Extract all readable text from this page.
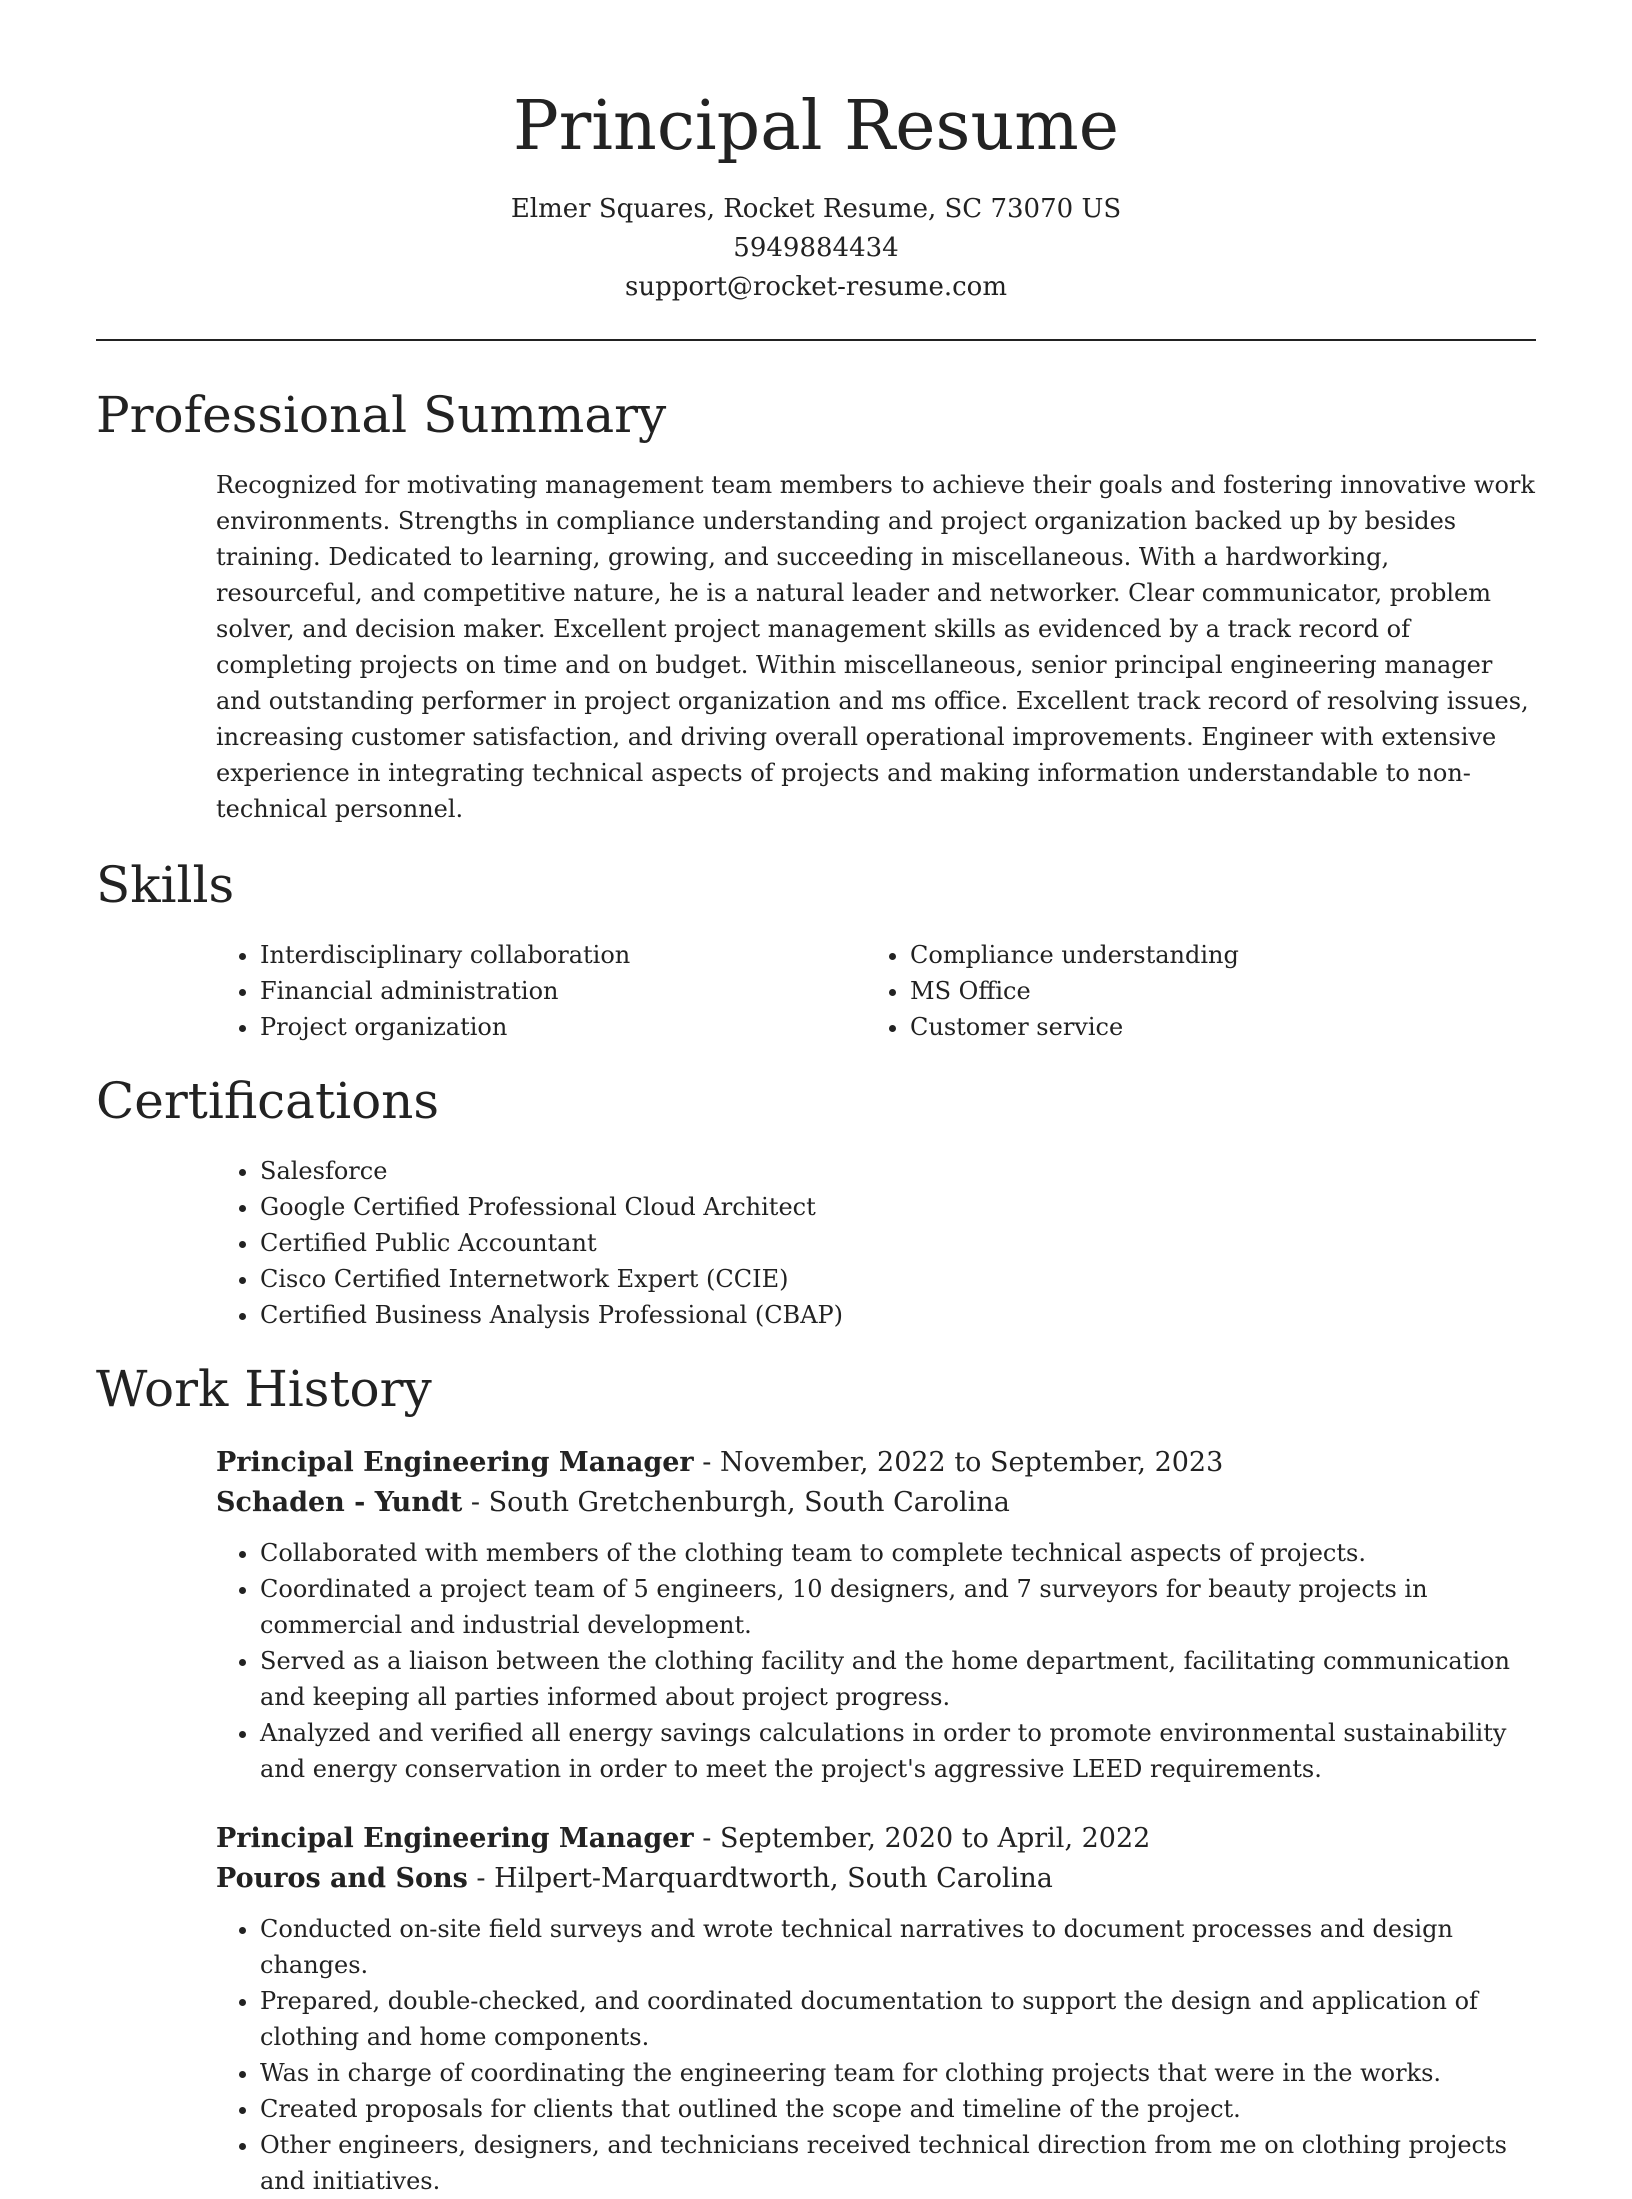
Principal Resume
Elmer Squares, Rocket Resume, SC 73070 US
5949884434
support@rocket-resume.com
Professional Summary

Recognized for motivating management team members to achieve their goals and fostering innovative work environments. Strengths in compliance understanding and project organization backed up by besides training. Dedicated to learning, growing, and succeeding in miscellaneous. With a hardworking, resourceful, and competitive nature, he is a natural leader and networker. Clear communicator, problem solver, and decision maker. Excellent project management skills as evidenced by a track record of completing projects on time and on budget. Within miscellaneous, senior principal engineering manager and outstanding performer in project organization and ms office. Excellent track record of resolving issues, increasing customer satisfaction, and driving overall operational improvements. Engineer with extensive experience in integrating technical aspects of projects and making information understandable to non-technical personnel.

Skills
• Interdisciplinary collaboration
• Financial administration
• Project organization
• Compliance understanding
• MS Office
• Customer service
Certifications
• Salesforce
• Google Certified Professional Cloud Architect
• Certified Public Accountant
• Cisco Certified Internetwork Expert (CCIE)
• Certified Business Analysis Professional (CBAP)
Work History
Principal Engineering Manager - November, 2022 to September, 2023
Schaden - Yundt - South Gretchenburgh, South Carolina
• Collaborated with members of the clothing team to complete technical aspects of projects.
• Coordinated a project team of 5 engineers, 10 designers, and 7 surveyors for beauty projects in commercial and industrial development.
• Served as a liaison between the clothing facility and the home department, facilitating communication and keeping all parties informed about project progress.
• Analyzed and verified all energy savings calculations in order to promote environmental sustainability and energy conservation in order to meet the project's aggressive LEED requirements.
Principal Engineering Manager - September, 2020 to April, 2022
Pouros and Sons - Hilpert-Marquardtworth, South Carolina
• Conducted on-site field surveys and wrote technical narratives to document processes and design changes.
• Prepared, double-checked, and coordinated documentation to support the design and application of clothing and home components.
• Was in charge of coordinating the engineering team for clothing projects that were in the works.
• Created proposals for clients that outlined the scope and timeline of the project.
• Other engineers, designers, and technicians received technical direction from me on clothing projects and initiatives.
